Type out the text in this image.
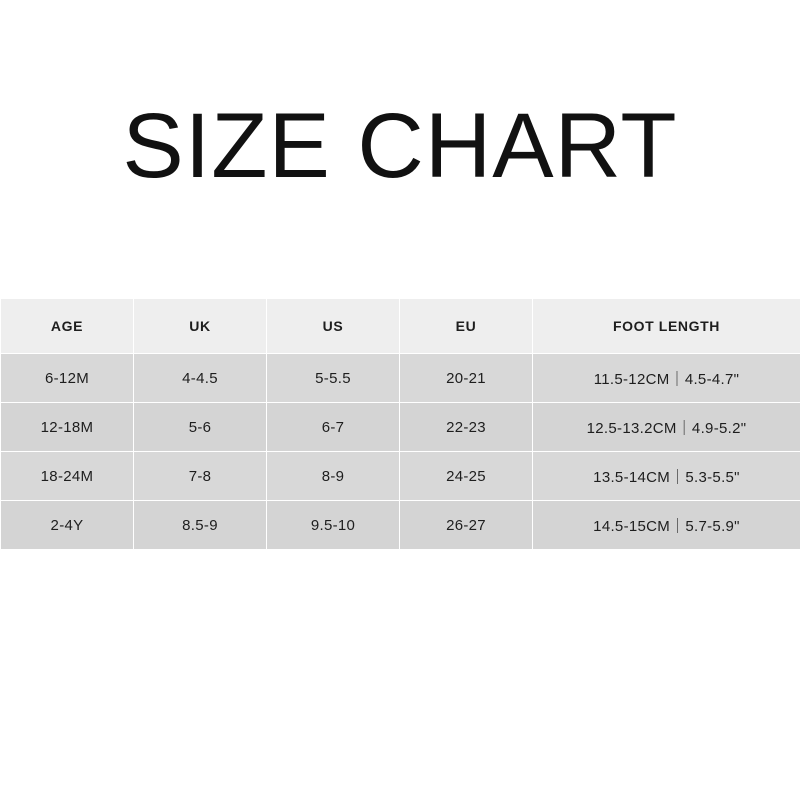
SIZE CHART
AGE	UK	US	EU	FOOT LENGTH
6-12M	4-4.5	5-5.5	20-21	11.5-12CM｜4.5-4.7"
12-18M	5-6	6-7	22-23	12.5-13.2CM｜4.9-5.2"
18-24M	7-8	8-9	24-25	13.5-14CM｜5.3-5.5"
2-4Y	8.5-9	9.5-10	26-27	14.5-15CM｜5.7-5.9"
